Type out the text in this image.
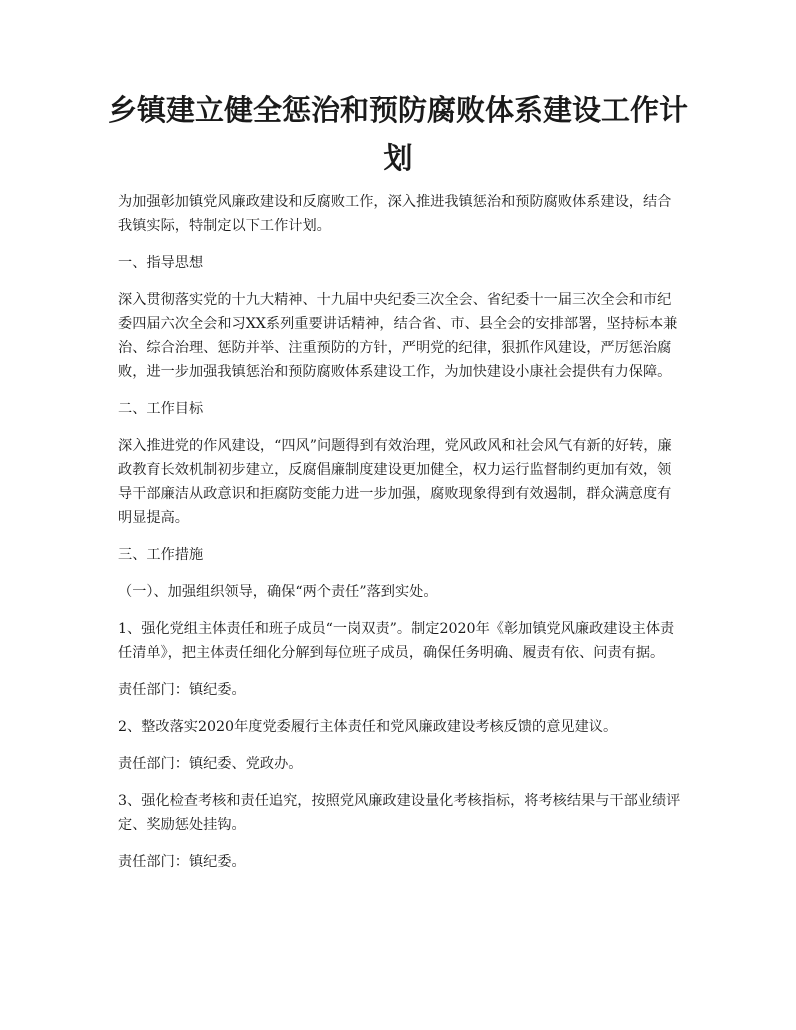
乡镇建立健全惩治和预防腐败体系建设工作计划

为加强彰加镇党风廉政建设和反腐败工作，深入推进我镇惩治和预防腐败体系建设，结合我镇实际，特制定以下工作计划。

一、指导思想

深入贯彻落实党的十九大精神、十九届中央纪委三次全会、省纪委十一届三次全会和市纪委四届六次全会和习XX系列重要讲话精神，结合省、市、县全会的安排部署，坚持标本兼治、综合治理、惩防并举、注重预防的方针，严明党的纪律，狠抓作风建设，严厉惩治腐败，进一步加强我镇惩治和预防腐败体系建设工作，为加快建设小康社会提供有力保障。

二、工作目标

深入推进党的作风建设，“四风”问题得到有效治理，党风政风和社会风气有新的好转，廉政教育长效机制初步建立，反腐倡廉制度建设更加健全，权力运行监督制约更加有效，领导干部廉洁从政意识和拒腐防变能力进一步加强，腐败现象得到有效遏制，群众满意度有明显提高。

三、工作措施

（一）、加强组织领导，确保“两个责任”落到实处。

1、强化党组主体责任和班子成员“一岗双责”。制定2020年《彰加镇党风廉政建设主体责任清单》，把主体责任细化分解到每位班子成员，确保任务明确、履责有依、问责有据。

责任部门：镇纪委。

2、整改落实2020年度党委履行主体责任和党风廉政建设考核反馈的意见建议。

责任部门：镇纪委、党政办。

3、强化检查考核和责任追究，按照党风廉政建设量化考核指标，将考核结果与干部业绩评定、奖励惩处挂钩。

责任部门：镇纪委。
